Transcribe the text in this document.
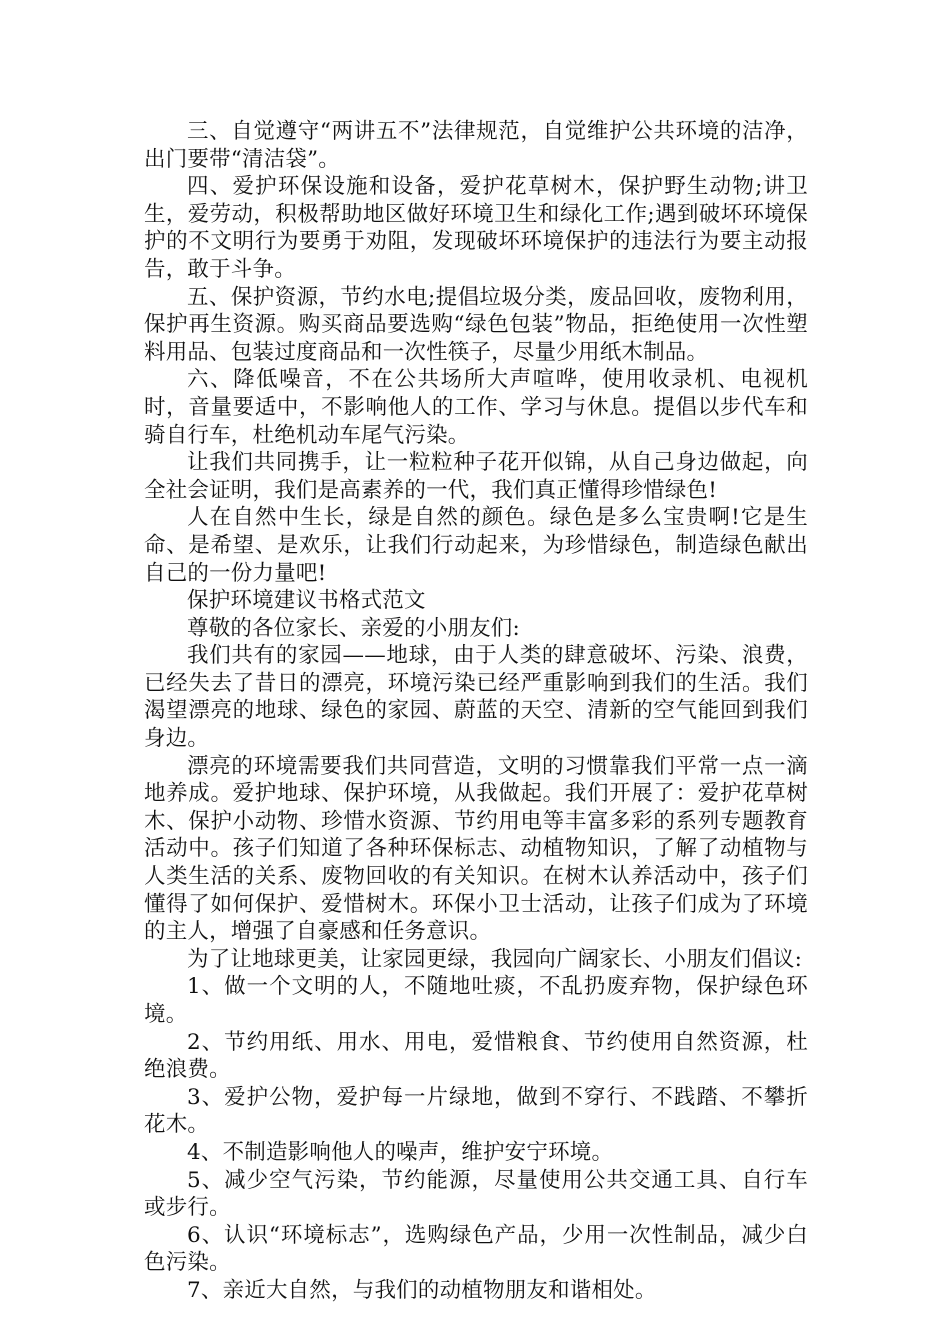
三、自觉遵守“两讲五不”法律规范，自觉维护公共环境的洁净，出门要带“清洁袋”。

四、爱护环保设施和设备，爱护花草树木，保护野生动物;讲卫生，爱劳动，积极帮助地区做好环境卫生和绿化工作;遇到破坏环境保护的不文明行为要勇于劝阻，发现破坏环境保护的违法行为要主动报告，敢于斗争。

五、保护资源，节约水电;提倡垃圾分类，废品回收，废物利用，保护再生资源。购买商品要选购“绿色包装”物品，拒绝使用一次性塑料用品、包装过度商品和一次性筷子，尽量少用纸木制品。

六、降低噪音，不在公共场所大声喧哗，使用收录机、电视机时，音量要适中，不影响他人的工作、学习与休息。提倡以步代车和骑自行车，杜绝机动车尾气污染。

让我们共同携手，让一粒粒种子花开似锦，从自己身边做起，向全社会证明，我们是高素养的一代，我们真正懂得珍惜绿色!

人在自然中生长，绿是自然的颜色。绿色是多么宝贵啊!它是生命、是希望、是欢乐，让我们行动起来，为珍惜绿色，制造绿色献出自己的一份力量吧!

保护环境建议书格式范文

尊敬的各位家长、亲爱的小朋友们:

我们共有的家园——地球，由于人类的肆意破坏、污染、浪费，已经失去了昔日的漂亮，环境污染已经严重影响到我们的生活。我们渴望漂亮的地球、绿色的家园、蔚蓝的天空、清新的空气能回到我们身边。

漂亮的环境需要我们共同营造，文明的习惯靠我们平常一点一滴地养成。爱护地球、保护环境，从我做起。我们开展了：爱护花草树木、保护小动物、珍惜水资源、节约用电等丰富多彩的系列专题教育活动中。孩子们知道了各种环保标志、动植物知识，了解了动植物与人类生活的关系、废物回收的有关知识。在树木认养活动中，孩子们懂得了如何保护、爱惜树木。环保小卫士活动，让孩子们成为了环境的主人，增强了自豪感和任务意识。

为了让地球更美，让家园更绿，我园向广阔家长、小朋友们倡议:

1、做一个文明的人，不随地吐痰，不乱扔废弃物，保护绿色环境。

2、节约用纸、用水、用电，爱惜粮食、节约使用自然资源，杜绝浪费。

3、爱护公物，爱护每一片绿地，做到不穿行、不践踏、不攀折花木。

4、不制造影响他人的噪声，维护安宁环境。

5、减少空气污染，节约能源，尽量使用公共交通工具、自行车或步行。

6、认识“环境标志”，选购绿色产品，少用一次性制品，减少白色污染。

7、亲近大自然，与我们的动植物朋友和谐相处。
